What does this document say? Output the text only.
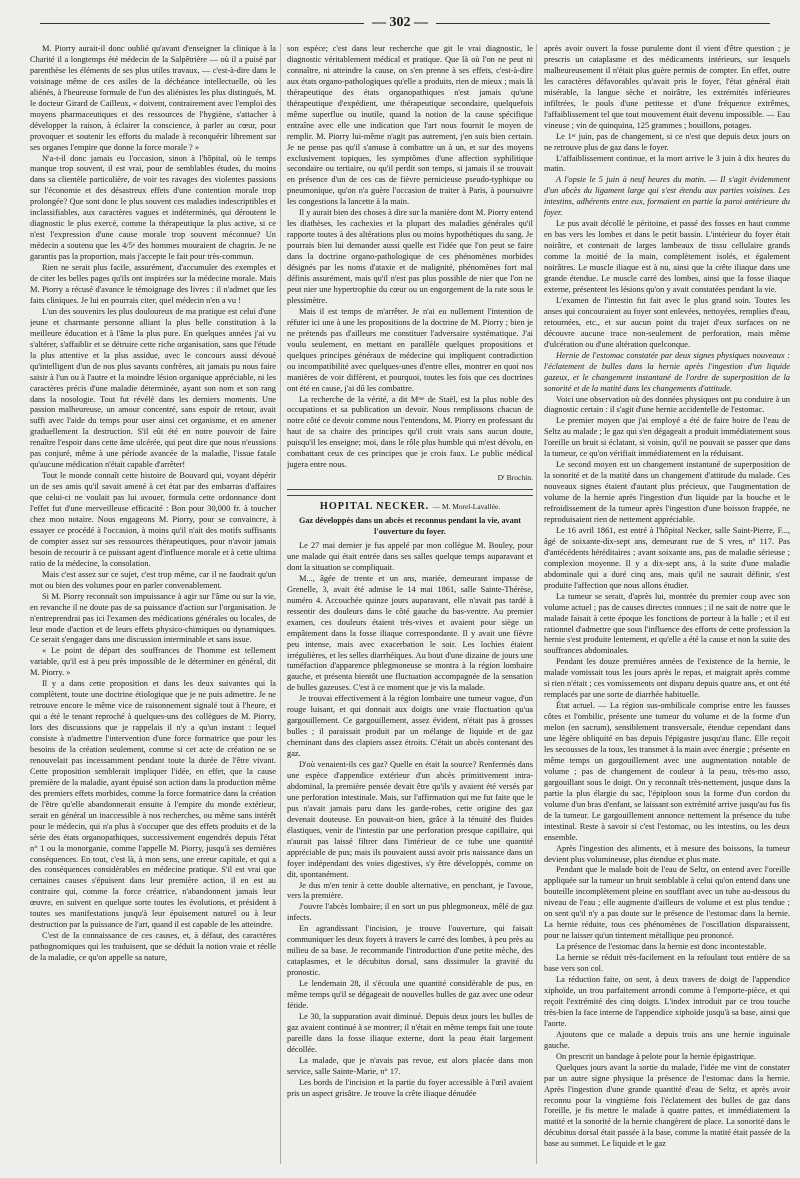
— 302 —

M. Piorry aurait-il donc oublié qu'avant d'enseigner la clinique à la Charité il a longtemps été médecin de la Salpêtrière — où il a puisé par parenthèse les éléments de ses plus utiles travaux, — c'est-à-dire dans le voisinage même de ces asiles de la déchéance intellectuelle, où les aliénés, à l'heureuse formule de l'un des aliénistes les plus distingués, M. le docteur Girard de Cailleux, « doivent, contrairement avec l'emploi des moyens pharmaceutiques et des ressources de l'hygiène, s'attacher à développer la raison, à éclairer la conscience, à parler au cœur, pour provoquer et soutenir les efforts du malade à reconquérir librement sur ses organes l'empire que donne la force morale ? »

N'a-t-il donc jamais eu l'occasion, sinon à l'hôpital, où le temps manque trop souvent, il est vrai, pour de semblables études, du moins dans sa clientèle particulière, de voir tes ravages des violentes passions sur l'économie et des désastreux effets d'une contention morale trop prolongée? Que sont donc le plus souvent ces maladies indescriptibles et inclassifiables, aux caractères vagues et indéterminés, qui déroutent le diagnostic le plus exercé, comme la thérapeutique la plus active, si ce n'est l'expression d'une cause morale trop souvent méconnue? Un médecin a soutenu que les 4/5ᵉ des hommes mouraient de chagrin. Je ne garantis pas la proportion, mais j'accepte le fait pour très-commun.

Rien ne serait plus facile, assurément, d'accumuler des exemples et de citer les belles pages qu'ils ont inspirées sur la médecine morale. Mais M. Piorry a récusé d'avance le témoignage des livres : il n'admet que les faits cliniques. Je lui en pourrais citer, quel médecin n'en a vu !

L'un des souvenirs les plus douloureux de ma pratique est celui d'une jeune et charmante personne alliant la plus belle constitution à la meilleure éducation et à l'âme la plus pure. En quelques années j'ai vu s'altérer, s'affaiblir et se détruire cette riche organisation, sans que l'étude la plus attentive et la plus assidue, avec le concours aussi dévoué qu'intelligent d'un de nos plus savants confrères, ait jamais pu nous faire saisir à l'un ou à l'autre et la moindre lésion organique appréciable, ni les caractères précis d'une maladie déterminée, ayant son nom et son rang dans la nosologie. Tout fut révélé dans les derniers moments. Une passion malheureuse, un amour concentré, sans espoir de retour, avait suffi avec l'aide du temps pour user ainsi cet organisme, et en amener graduellement la destruction. S'il eût été en notre pouvoir de faire renaître l'espoir dans cette âme ulcérée, qui peut dire que nous n'eussions pas conjuré, même à une période avancée de la maladie, l'issue fatale qu'aucune médication n'était capable d'arrêter!

Tout le monde connaît cette histoire de Bouvard qui, voyant dépérir un de ses amis qu'il savait amené à cet état par des embarras d'affaires que celui-ci ne voulait pas lui avouer, formula cette ordonnance dont l'effet fut d'une merveilleuse efficacité : Bon pour 30,000 fr. à toucher chez mon notaire. Nous engageons M. Piorry, pour se convaincre, à essayer ce procédé à l'occasion, à moins qu'il n'ait des motifs suffisants de compter assez sur ses ressources thérapeutiques, pour n'avoir jamais besoin de recourir à ce puissant agent d'influence morale et à cette ultima ratio de la médecine, la consolation.

Mais c'est assez sur ce sujet, c'est trop même, car il ne faudrait qu'un mot ou bien des volumes pour en parler convenablement.

Si M. Piorry reconnaît son impuissance à agir sur l'âme ou sur la vie, en revanche il ne doute pas de sa puissance d'action sur l'organisation. Je n'entreprendrai pas ici l'examen des médications générales ou locales, de leur mode d'action et de leurs effets physico-chimiques ou dynamiques. Ce serait s'engager dans une discussion interminable et sans issue.

« Le point de départ des souffrances de l'homme est tellement variable, qu'il est à peu près impossible de le déterminer en général, dit M. Piorry. »

Il y a dans cette proposition et dans les deux suivantes qui la complètent, toute une doctrine étiologique que je ne puis admettre. Je ne retrouve encore le même vice de raisonnement signalé tout à l'heure, et qui a été le tenant reproché à quelques-uns des collègues de M. Piorry, lors des discussions que je rappelais il n'y a qu'un instant : lequel consiste à n'admettre l'intervention d'une force formatrice que pour les besoins de la création seulement, comme si cet acte de création ne se renouvelait pas incessamment pendant toute la durée de l'être vivant. Cette proposition semblerait impliquer l'idée, en effet, que la cause première de la maladie, ayant épuisé son action dans la production même des premiers effets morbides, comme la force formatrice dans la création de l'être qu'elle abandonnerait ensuite à l'empire du monde extérieur, serait en général un inaccessible à nos recherches, ou même sans intérêt pour le médecin, qui n'a plus à s'occuper que des effets produits et de la série des états organopathiques, successivement engendrés depuis l'état n° 1 ou la monorganie, comme l'appelle M. Piorry, jusqu'à ses dernières conséquences. En tout, c'est là, à mon sens, une erreur capitale, et qui a des conséquences considérables en médecine pratique. S'il est vrai que certaines causes s'épuisent dans leur première action, il en est au contraire qui, comme la force créatrice, n'abandonnent jamais leur œuvre, en suivent en quelque sorte toutes les évolutions, et président à toutes ses manifestations jusqu'à leur épuisement naturel ou à leur destruction par la puissance de l'art, quand il est capable de les atteindre.

C'est de la connaissance de ces causes, et, à défaut, des caractères pathognomiques qui les traduisent, que se déduit la notion vraie et réelle de la maladie, ce qu'on appelle sa nature,

son espèce; c'est dans leur recherche que git le vrai diagnostic, le diagnostic véritablement médical et pratique. Que là où l'on ne peut ni connaître, ni atteindre la cause, on s'en prenne à ses effets, c'est-à-dire aux états organo-pathologiques qu'elle a produits, rien de mieux ; mais là thérapeutique des états organopathiques n'est jamais qu'une thérapeutique d'expédient, une thérapeutique secondaire, quelquefois même superflue ou inutile, quand la notion de la cause spécifique entraîne avec elle une indication que l'art nous fournit le moyen de remplir. M. Piorry lui-même n'agit pas autrement, j'en suis bien certain. Je ne pense pas qu'il s'amuse à combattre un à un, et sur des moyens exclusivement topiques, les symptômes d'une affection syphilitique secondaire ou tertiaire, ou qu'il perdit son temps, si jamais il se trouvait en présence d'un de ces cas de fièvre pernicieuse pseudo-typhique ou pneumonique, qu'on n'a guère l'occasion de traiter à Paris, à poursuivre les congestions la lancette à la main.

Il y aurait bien des choses à dire sur la manière dont M. Piorry entend les diathèses, les cachexies et la plupart des maladies générales qu'il rapporte toutes à des altérations plus ou moins hypothétiques du sang. Je pourrais bien lui demander aussi quelle est l'idée que l'on peut se faire dans la doctrine organo-pathologique de ces phénomènes morbides désignés par les noms d'ataxie et de malignité, phénomènes fort mal définis assurément, mais qu'il n'est pas plus possible de nier que l'on ne peut nier une hypertrophie du cœur ou un engorgement de la rate sous le plessimètre.

Mais il est temps de m'arrêter. Je n'ai eu nullement l'intention de réfuter ici une à une les propositions de la doctrine de M. Piorry ; bien je ne prétends pas d'ailleurs me constituer l'adversaire systématique. J'ai voulu seulement, en mettant en parallèle quelques propositions et quelques principes généraux de médecine qui impliquent contradiction ou incompatibilité avec quelques-unes d'entre elles, montrer en quoi nos manières de voir diffèrent, et pourquoi, toutes les fois que ces doctrines ont été en cause, j'ai dû les combattre.

La recherche de la vérité, a dit Mᵐᵉ de Staël, est la plus noble des occupations et sa publication un devoir. Nous remplissons chacun de notre côté ce devoir comme nous l'entendons, M. Piorry en professant du haut de sa chaire des principes qu'il croit vrais sans aucun doute, puisqu'il les enseigne; moi, dans le rôle plus humble qui m'est dévolu, en combattant ceux de ces principes que je crois faux. Le public médical jugera entre nous.

Dʳ Brochin.

HOPITAL NECKER. — M. Morel-Lavallée.

Gaz développés dans un abcès et reconnus pendant la vie, avant l'ouverture du foyer.

Le 27 mai dernier je fus appelé par mon collègue M. Bouley, pour une malade qui était entrée dans ses salles quelque temps auparavant et dont la situation se compliquait.

M..., âgée de trente et un ans, mariée, demeurant impasse de Grenelle, 3, avait été admise le 14 mai 1861, salle Sainte-Thérèse, numéro 4. Accouchée quinze jours auparavant, elle n'avait pas tardé à ressentir des douleurs dans le côté gauche du bas-ventre. Au premier examen, ces douleurs étaient très-vives et avaient pour siège un empâtement dans la fosse iliaque correspondante. Il y avait une fièvre peu intense, mais avec exacerbation le soir. Les lochies étaient irrégulières, et les selles diarrhéiques. Au bout d'une dizaine de jours une tuméfaction d'apparence phlegmoneuse se montra à la région lombaire gauche, et présenta bientôt une fluctuation accompagnée de la sensation de bulles gazeuses. C'est à ce moment que je vis la malade.

Je trouvai effectivement à la région lombaire une tumeur vague, d'un rouge luisant, et qui donnait aux doigts une vraie fluctuation qu'ua gargouillement. Ce gargouillement, assez évident, n'était pas à grosses bulles ; il paraissait produit par un mélange de liquide et de gaz cheminant dans des clapiers assez étroits. C'était un abcès contenant des gaz.

D'où venaient-ils ces gaz? Quelle en était la source? Renfermés dans une espèce d'appendice extérieur d'un abcès primitivement intra-abdominal, la première pensée devait être qu'ils y avaient été versés par une perforation intestinale. Mais, sur l'affirmation qui me fut faite que le pus n'avait jamais paru dans les garde-robes, cette origine des gaz devenait douteuse. En pouvait-on bien, grâce à la ténuité des fluides élastiques, venir de l'intestin par une perforation presque capillaire, qui n'aurait pas laissé filtrer dans l'intérieur de ce tube une quantité appréciable de pus; mais ils pouvaient aussi avoir pris naissance dans un foyer indépendant des voies digestives, s'y être développés, comme on dit, spontanément.

Je dus m'en tenir à cette double alternative, en penchant, je l'avoue, vers la première.

J'ouvre l'abcès lombaire; il en sort un pus phlegmoneux, mêlé de gaz infects.

En agrandissant l'incision, je trouve l'ouverture, qui faisait communiquer les deux foyers à travers le carré des lombes, à peu près au milieu de sa base. Je recommande l'introduction d'une petite mèche, des cataplasmes, et le décubitus dorsal, sans dissimuler la gravité du pronostic.

Le lendemain 28, il s'écoula une quantité considérable de pus, en même temps qu'il se dégageait de nouvelles bulles de gaz avec une odeur fétide.

Le 30, la suppuration avait diminué. Depuis deux jours les bulles de gaz avaient continué à se montrer; il n'était en même temps fait une toute pareille dans la fosse iliaque externe, dont la peau était largement décollée.

La malade, que je n'avais pas revue, est alors placée dans mon service, salle Sainte-Marie, n° 17.

Les bords de l'incision et la partie du foyer accessible à l'œil avaient pris un aspect grisâtre. Je trouve la crête iliaque dénudée

après avoir ouvert la fosse purulente dont il vient d'être question ; je prescris un cataplasme et des médicaments intérieurs, sur lesquels malheureusement il n'était plus guère permis de compter. En effet, outre les caractères défavorables qu'avait pris le foyer, l'état général était misérable, la langue sèche et noirâtre, les extrémités inférieures infiltrées, le pouls d'une petitesse et d'une fréquence extrêmes, l'affaiblissement tel que tout mouvement était devenu impossible. — Eau vineuse ; vin de quinquina, 125 grammes ; bouillons, potages.

Le 1ᵉʳ juin, pas de changement, si ce n'est que depuis deux jours on ne retrouve plus de gaz dans le foyer.

L'affaiblissement continue, et la mort arrive le 3 juin à dix heures du matin.

A l'opsie le 5 juin à neuf heures du matin. — Il s'agit évidemment d'un abcès du ligament large qui s'est étendu aux parties voisines. Les intestins, adhérents entre eux, formaient en partie la paroi antérieure du foyer.

Le pus avait décollé le péritoine, et passé des fosses en haut comme en bas vers les lombes et dans le petit bassin. L'intérieur du foyer était noirâtre, et contenait de larges lambeaux de tissu cellulaire grands comme la moitié de la main, complètement isolés, et également noirâtres. Le muscle iliaque est à nu, ainsi que la crête iliaque dans une grande étendue. Le muscle carré des lombes, ainsi que la fosse iliaque externe, présentent les lésions qu'on y avait constatées pendant la vie.

L'examen de l'intestin fut fait avec le plus grand soin. Toutes les anses qui concouraient au foyer sont enlevées, nettoyées, remplies d'eau, retournées, etc., et sur aucun point du trajet d'eux surfaces on ne découvre aucune trace non-seulement de perforation, mais même d'ulcération ou d'une altération quelconque.

Hernie de l'estomac constatée par deux signes physiques nouveaux : l'éclatement de bulles dans la hernie après l'ingestion d'un liquide gazeux, et le changement instantané de l'ordre de superposition de la sonorité et de la matité dans les changements d'attitude.

Voici une observation où des données physiques ont pu conduire à un diagnostic certain : il s'agit d'une hernie accidentelle de l'estomac.

Le premier moyen que j'ai employé a été de faire boire de l'eau de Seltz au malade ; le gaz qui s'en dégageait a produit immédiatement sous l'oreille un bruit si éclatant, si voisin, qu'il ne pouvait se passer que dans la tumeur, ce qu'on vérifiait immédiatement en la réduisant.

Le second moyen est un changement instantané de superposition de la sonorité et de la matité dans un changement d'attitude du malade. Ces nouveaux signes étaient d'autant plus précieux, que l'augmentation de volume de la hernie après l'ingestion d'un liquide par la bouche et le refroidissement de la tumeur après l'ingestion d'une boisson frappée, ne reproduisaient rien de nettement appréciable.

Le 16 avril 1861, est entré à l'hôpital Necker, salle Saint-Pierre, F..., âgé de soixante-dix-sept ans, demeurant rue de S vres, nº 117. Pas d'antécédents héréditaires ; avant soixante ans, pas de maladie sérieuse ; complexion moyenne. Il y a dix-sept ans, à la suite d'une maladie abdominale qui a duré cinq ans, mais qu'il ne saurait définir, s'est produite l'affection que nous allons étudier.

La tumeur se serait, d'après lui, montrée du premier coup avec son volume actuel ; pas de causes directes connues ; il ne sait de notre que le malade faisait à cette époque les fonctions de porteur à la halle ; et il est rationnel d'admettre que sous l'influence des efforts de cette profession la hernie s'est produite lentement, et qu'elle a été la cause et non la suite des souffrances abdominales.

Pendant les douze premières années de l'existence de la hernie, le malade vomissait tous les jours après le repas, et maigrait après comme si rien n'était ; ces vomissements ont disparu depuis quatre ans, et ont été remplacés par une sorte de diarrhée habituelle.

État actuel. — La région sus-ombilicale comprise entre les fausses côtes et l'ombilic, présente une tumeur du volume et de la forme d'un melon (en sacrum), sensiblement transversale, étendue cependant dans une légère obliquité en bas depuis l'épigastre jusqu'au flanc. Elle reçoit les secousses de la toux, les transmet à la main avec énergie ; présente en même temps un gargouillement avec une augmentation notable de volume ; pas de changement de couleur à la peau, très-mo asso, gargouillant sous le doigt. On y reconnaît très-nettement, jusque dans la partie la plus élargie du sac, l'épiploon sous la forme d'un cordon du volume d'un bras d'enfant, se laissant son extrémité arrive jusqu'au fus fis de la tumeur. Le gargouillement annonce nettement la présence du tube intestinal. Reste à savoir si c'est l'estomac, ou les intestins, ou les deux ensemble.

Après l'ingestion des aliments, et à mesure des boissons, la tumeur devient plus volumineuse, plus étendue et plus mate.

Pendant que le malade boit de l'eau de Seltz, on entend avec l'oreille appliquée sur la tumeur un bruit semblable à celui qu'on entend dans une bouteille incomplètement pleine en soufflant avec un tube au-dessous du niveau de l'eau ; elle augmente d'ailleurs de volume et est plus tendue ; on sent qu'il n'y a pas doute sur le présence de l'estomac dans la hernie. La hernie réduite, tous ces phénomènes de l'oscillation disparaissent, pour ne laisser qu'un tintement métallique peu prononcé.

La présence de l'estomac dans la hernie est donc incontestable.

La hernie se réduit très-facilement en la refoulant tout entière de sa base vers son col.

La réduction faite, on sent, à deux travers de doigt de l'appendice xiphoïde, un trou parfaitement arrondi comme à l'emporte-pièce, et qui reçoit l'extrémité des cinq doigts. L'index introduit par ce trou touche très-bien la face interne de l'appendice xiphoïde jusqu'à sa base, ainsi que l'aorte.

Ajoutons que ce malade a depuis trois ans une hernie inguinale gauche.

On prescrit un bandage à pelote pour la hernie épigastrique.

Quelques jours avant la sortie du malade, l'idée me vint de constater par un autre signe physique la présence de l'estomac dans la hernie. Après l'ingestion d'une grande quantité d'eau de Seltz, et après avoir reconnu pour la vingtième fois l'éclatement des bulles de gaz dans l'oreille, je fis mettre le malade à quatre pattes, et immédiatement la matité et la sonorité de la hernie changèrent de place. La sonorité dans le décubitus dorsal était passée à la base, comme la matité était passée de la base au sommet. Le liquide et le gaz
